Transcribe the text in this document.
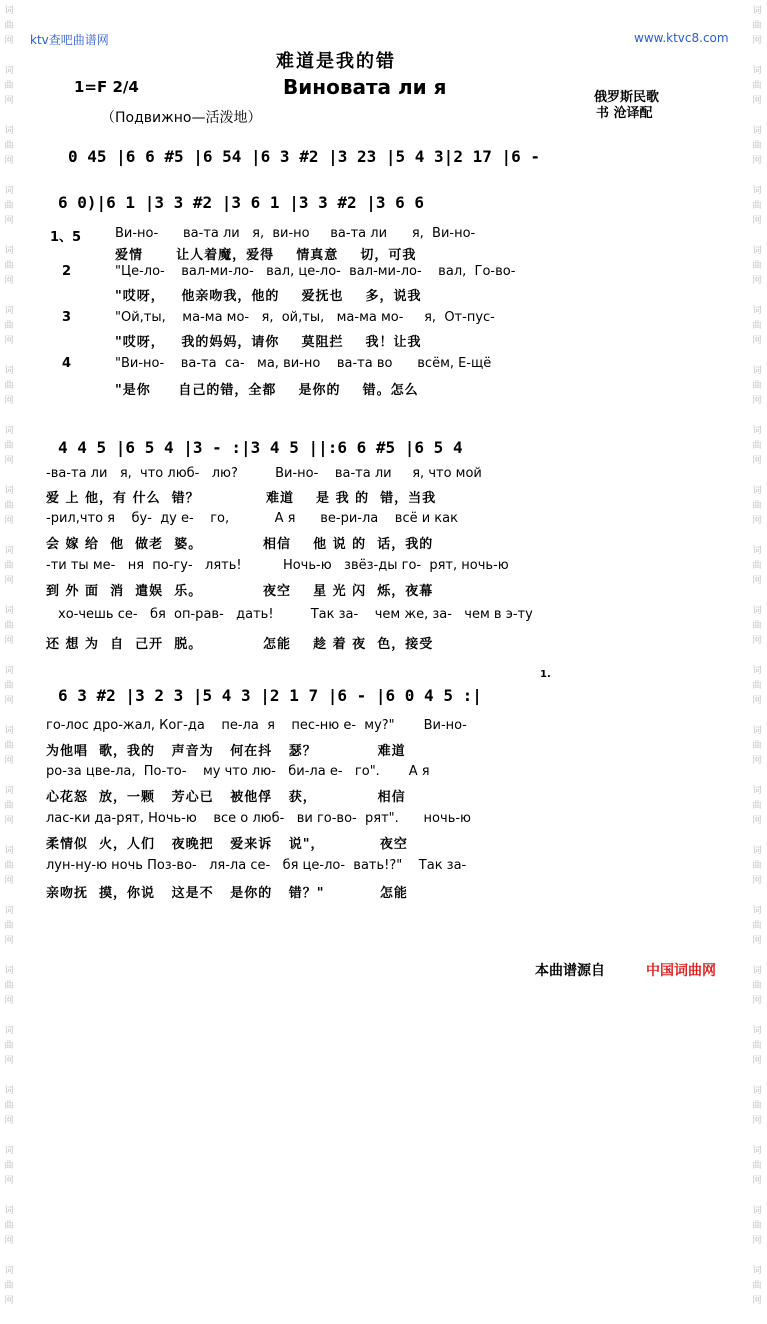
词
曲
网

词
曲
网

词
曲
网

词
曲
网

词
曲
网

词
曲
网

词
曲
网

词
曲
网

词
曲
网

词
曲
网

词
曲
网

词
曲
网

词
曲
网

词
曲
网

词
曲
网

词
曲
网

词
曲
网

词
曲
网

词
曲
网

词
曲
网

词
曲
网

词
曲
网

词
曲
网

词
曲
网

词
曲
网

词
曲
网

词
曲
网

词
曲
网

词
曲
网

词
曲
网

词
曲
网

词
曲
网

词
曲
网

词
曲
网

词
曲
网

词
曲
网

词
曲
网

词
曲
网

词
曲
网

词
曲
网

词
曲
网

词
曲
网

词
曲
网

词
曲
网

ktv查吧曲谱网	www.ktvc8.com
难道是我的错
Виновата ли я
1=F 2/4
（Подвижно—活泼地）
俄罗斯民歌
书 沧译配
0 45 |6 6 #5 |6 54 |6 3 #2 |3 23 |5 4 3|2 17 |6 -
6 0)|6 1 |3 3 #2 |3 6 1 |3 3 #2 |3 6 6
1、5
2
3
4
Ви-но-      ва-та ли   я,  ви-но     ва-та ли      я,  Ви-но-
爱情      让人着魔，爱得    情真意    切，可我
"Це-ло-    вал-ми-ло-   вал, це-ло-  вал-ми-ло-    вал,  Го-во-
"哎呀，   他亲吻我，他的    爱抚也    多，说我
"Ой,ты,    ма-ма мо-   я,  ой,ты,   ма-ма мо-     я,  От-пус-
"哎呀，   我的妈妈，请你    莫阻拦    我！让我
"Ви-но-    ва-та  са-   ма, ви-но    ва-та во      всём, Е-щё
"是你     自己的错，全都    是你的    错。怎么
4 4 5 |6 5 4 |3 - :|3 4 5 ||:6 6 #5 |6 5 4
-ва-та ли   я,  что люб-   лю?         Ви-но-    ва-та ли     я, что мой
爱 上 他，有 什么  错？            难道    是 我 的  错，当我
-рил,что я    бу-  ду е-    го,           А я      ве-ри-ла    всё и как
会 嫁 给  他  做老  婆。           相信    他 说 的  话，我的
-ти ты ме-   ня  по-гу-   лять!          Ночь-ю   звёз-ды го-  рят, ночь-ю
到 外 面  消  遣娱  乐。           夜空    星 光 闪  烁，夜幕
хо-чешь се-   бя  оп-рав-   дать!         Так за-    чем же, за-   чем в э-ту
还 想 为  自  己开  脱。           怎能    趁 着 夜  色，接受
1.
6 3 #2 |3 2 3 |5 4 3 |2 1 7 |6 - |6 0 4 5 :|
го-лос дро-жал, Ког-да    пе-ла  я    пес-ню е-  му?"       Ви-но-
为他唱  歌，我的   声音为   何在抖   瑟？           难道
ро-за цве-ла,  По-то-    му что лю-   би-ла е-   го".       А я
心花怒  放，一颗   芳心已   被他俘   获，           相信
лас-ки да-рят, Ночь-ю    все о люб-   ви го-во-  рят".      ночь-ю
柔情似  火，人们   夜晚把   爱来诉   说"，          夜空
лун-ну-ю ночь Поз-во-   ля-ла се-   бя це-ло-  вать!?"    Так за-
亲吻抚  摸，你说   这是不   是你的   错？"          怎能
本曲谱源自	中国词曲网
